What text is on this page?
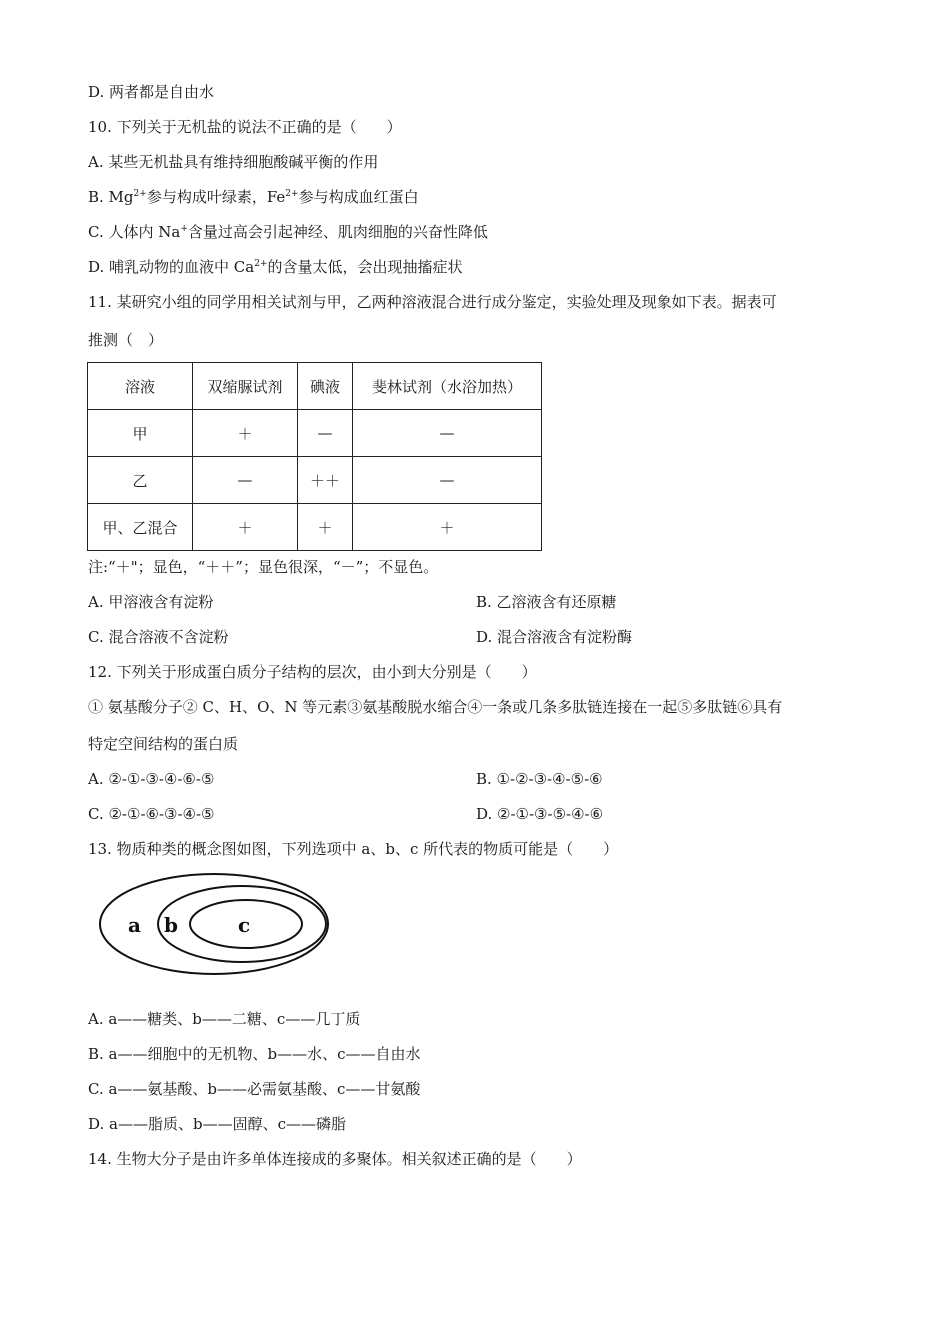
D. 两者都是自由水
10. 下列关于无机盐的说法不正确的是（　　）
A. 某些无机盐具有维持细胞酸碱平衡的作用
B. $Mg^{2+}$参与构成叶绿素，$Fe^{2+}$参与构成血红蛋白
C. 人体内 Na+含量过高会引起神经、肌肉细胞的兴奋性降低
D. 哺乳动物的血液中 $Ca^{2+}$的含量太低，会出现抽搐症状
11. 某研究小组的同学用相关试剂与甲，乙两种溶液混合进行成分鉴定，实验处理及现象如下表。据表可
推测（　）
溶液	双缩脲试剂	碘液	斐林试剂（水浴加热）
甲	＋	—	—
乙	—	＋＋	—
甲、乙混合	＋	＋	＋
注:“＋"；显色，“＋＋”；显色很深，“－”；不显色。
A. 甲溶液含有淀粉	B. 乙溶液含有还原糖
C. 混合溶液不含淀粉	D. 混合溶液含有淀粉酶
12. 下列关于形成蛋白质分子结构的层次，由小到大分别是（　　）
① 氨基酸分子② C、H、O、N 等元素③氨基酸脱水缩合④一条或几条多肽链连接在一起⑤多肽链⑥具有
特定空间结构的蛋白质
A. ②-①-③-④-⑥-⑤	B. ①-②-③-④-⑤-⑥
C. ②-①-⑥-③-④-⑤	D. ②-①-③-⑤-④-⑥
13. 物质种类的概念图如图，下列选项中 a、b、c 所代表的物质可能是（　　）
a b	c
A. a——糖类、b——二糖、c——几丁质
B. a——细胞中的无机物、b——水、c——自由水
C. a——氨基酸、b——必需氨基酸、c——甘氨酸
D. a——脂质、b——固醇、c——磷脂
14. 生物大分子是由许多单体连接成的多聚体。相关叙述正确的是（　　）
